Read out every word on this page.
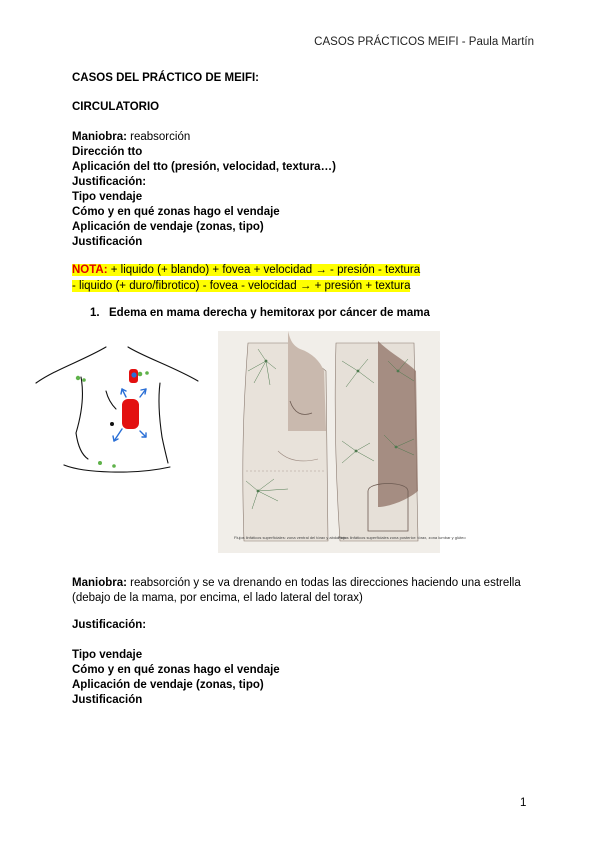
CASOS PRÁCTICOS MEIFI - Paula Martín
CASOS DEL PRÁCTICO DE MEIFI:
CIRCULATORIO
Maniobra: reabsorción
Dirección tto
Aplicación del tto (presión, velocidad, textura…)
Justificación:
Tipo vendaje
Cómo y en qué zonas hago el vendaje
Aplicación de vendaje (zonas, tipo)
Justificación
NOTA: + liquido (+ blando) + fovea + velocidad → - presión - textura
- liquido (+ duro/fibrotico) - fovea - velocidad → + presión + textura
1. Edema en mama derecha y hemitorax por cáncer de mama
Flujos linfáticos superficiales: zona ventral del tórax y abdomen
Flujos linfáticos superficiales zona posterior: tórax, zona lumbar y glúteo
Maniobra: reabsorción y se va drenando en todas las direcciones haciendo una estrella (debajo de la mama, por encima, el lado lateral del torax)
Justificación:
Tipo vendaje
Cómo y en qué zonas hago el vendaje
Aplicación de vendaje (zonas, tipo)
Justificación
1
